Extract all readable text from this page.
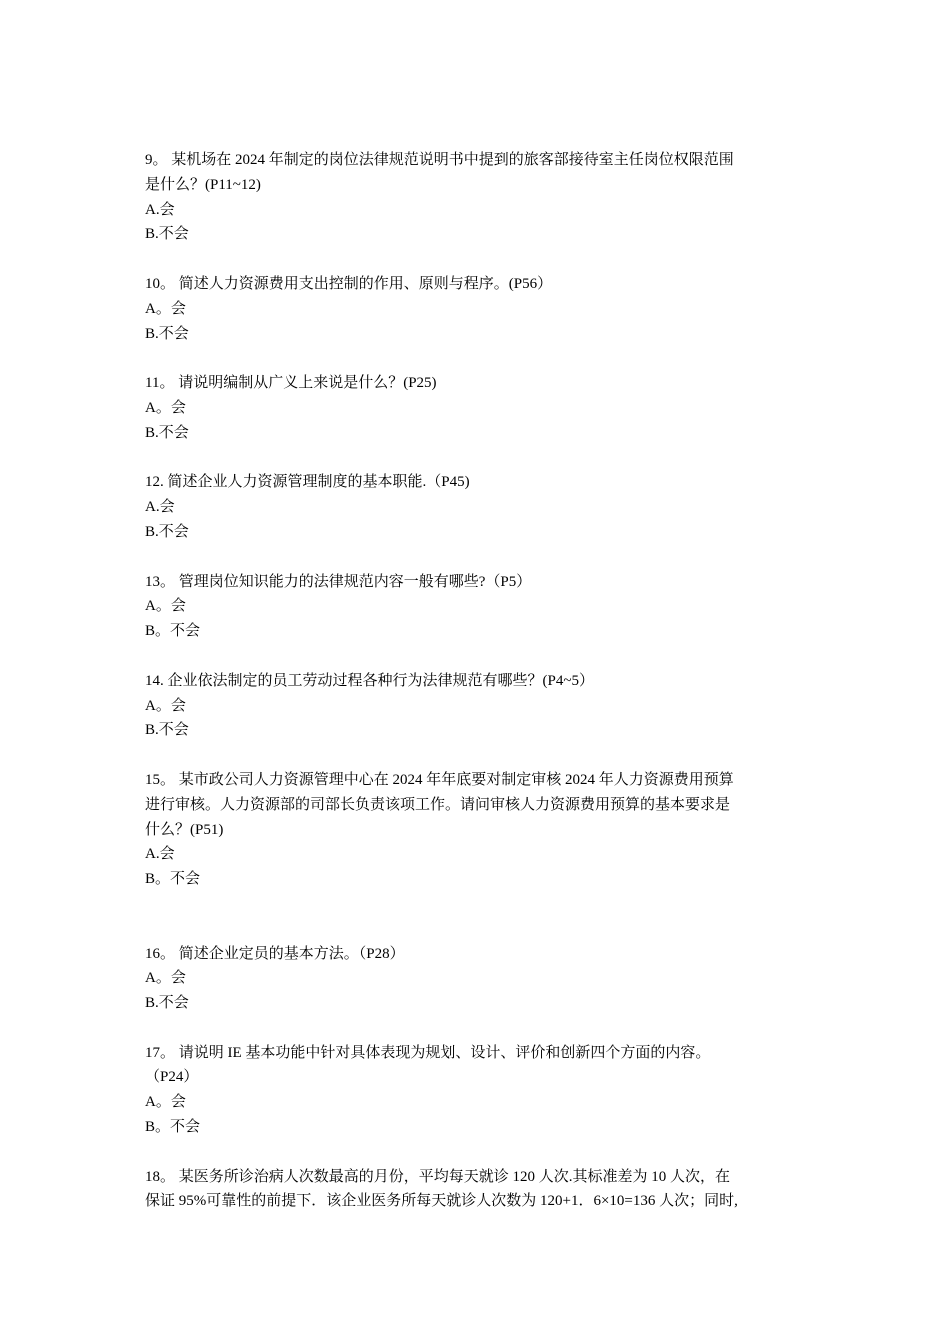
9。 某机场在 2024 年制定的岗位法律规范说明书中提到的旅客部接待室主任岗位权限范围
是什么？(P11~12)
A.会
B.不会
10。 简述人力资源费用支出控制的作用、原则与程序。(P56）
A。会
B.不会
11。 请说明编制从广义上来说是什么？(P25)
A。会
B.不会
12. 简述企业人力资源管理制度的基本职能.（P45)
A.会
B.不会
13。 管理岗位知识能力的法律规范内容一般有哪些?（P5）
A。会
B。不会
14. 企业依法制定的员工劳动过程各种行为法律规范有哪些？(P4~5）
A。会
B.不会
15。 某市政公司人力资源管理中心在 2024 年年底要对制定审核 2024 年人力资源费用预算
进行审核。人力资源部的司部长负责该项工作。请问审核人力资源费用预算的基本要求是
什么？(P51)
A.会
B。不会
16。 简述企业定员的基本方法。（P28）
A。会
B.不会
17。 请说明 IE 基本功能中针对具体表现为规划、设计、评价和创新四个方面的内容。
（P24）
A。会
B。不会
18。 某医务所诊治病人次数最高的月份，平均每天就诊 120 人次.其标准差为 10 人次，在
保证 95%可靠性的前提下．该企业医务所每天就诊人次数为 120+1．6×10=136 人次；同时,
